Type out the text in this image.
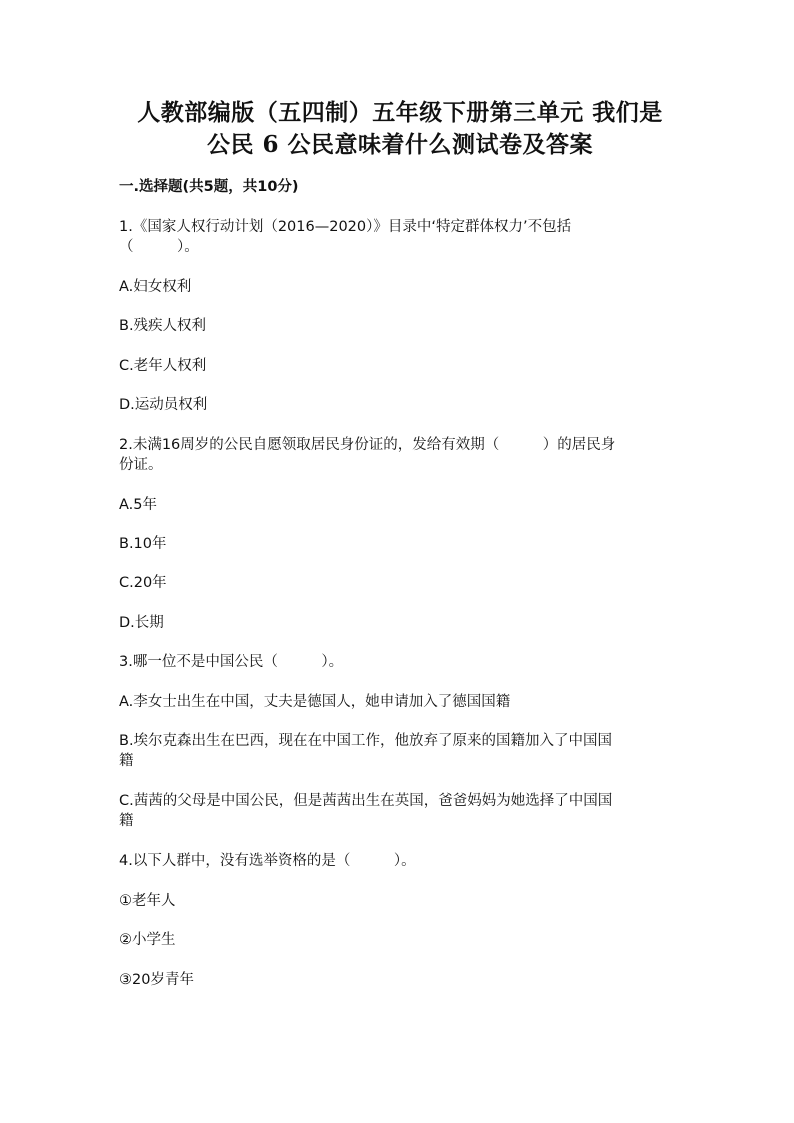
人教部编版（五四制）五年级下册第三单元 我们是
公民 6 公民意味着什么测试卷及答案
一.选择题(共5题，共10分)
1.《国家人权行动计划（2016—2020）》目录中‘特定群体权力’不包括
（　　　）。
A.妇女权利
B.残疾人权利
C.老年人权利
D.运动员权利
2.未满16周岁的公民自愿领取居民身份证的，发给有效期（　　　）的居民身
份证。
A.5年
B.10年
C.20年
D.长期
3.哪一位不是中国公民（　　　）。
A.李女士出生在中国，丈夫是德国人，她申请加入了德国国籍
B.埃尔克森出生在巴西，现在在中国工作，他放弃了原来的国籍加入了中国国
籍
C.茜茜的父母是中国公民，但是茜茜出生在英国，爸爸妈妈为她选择了中国国
籍
4.以下人群中，没有选举资格的是（　　　）。
①老年人
②小学生
③20岁青年
